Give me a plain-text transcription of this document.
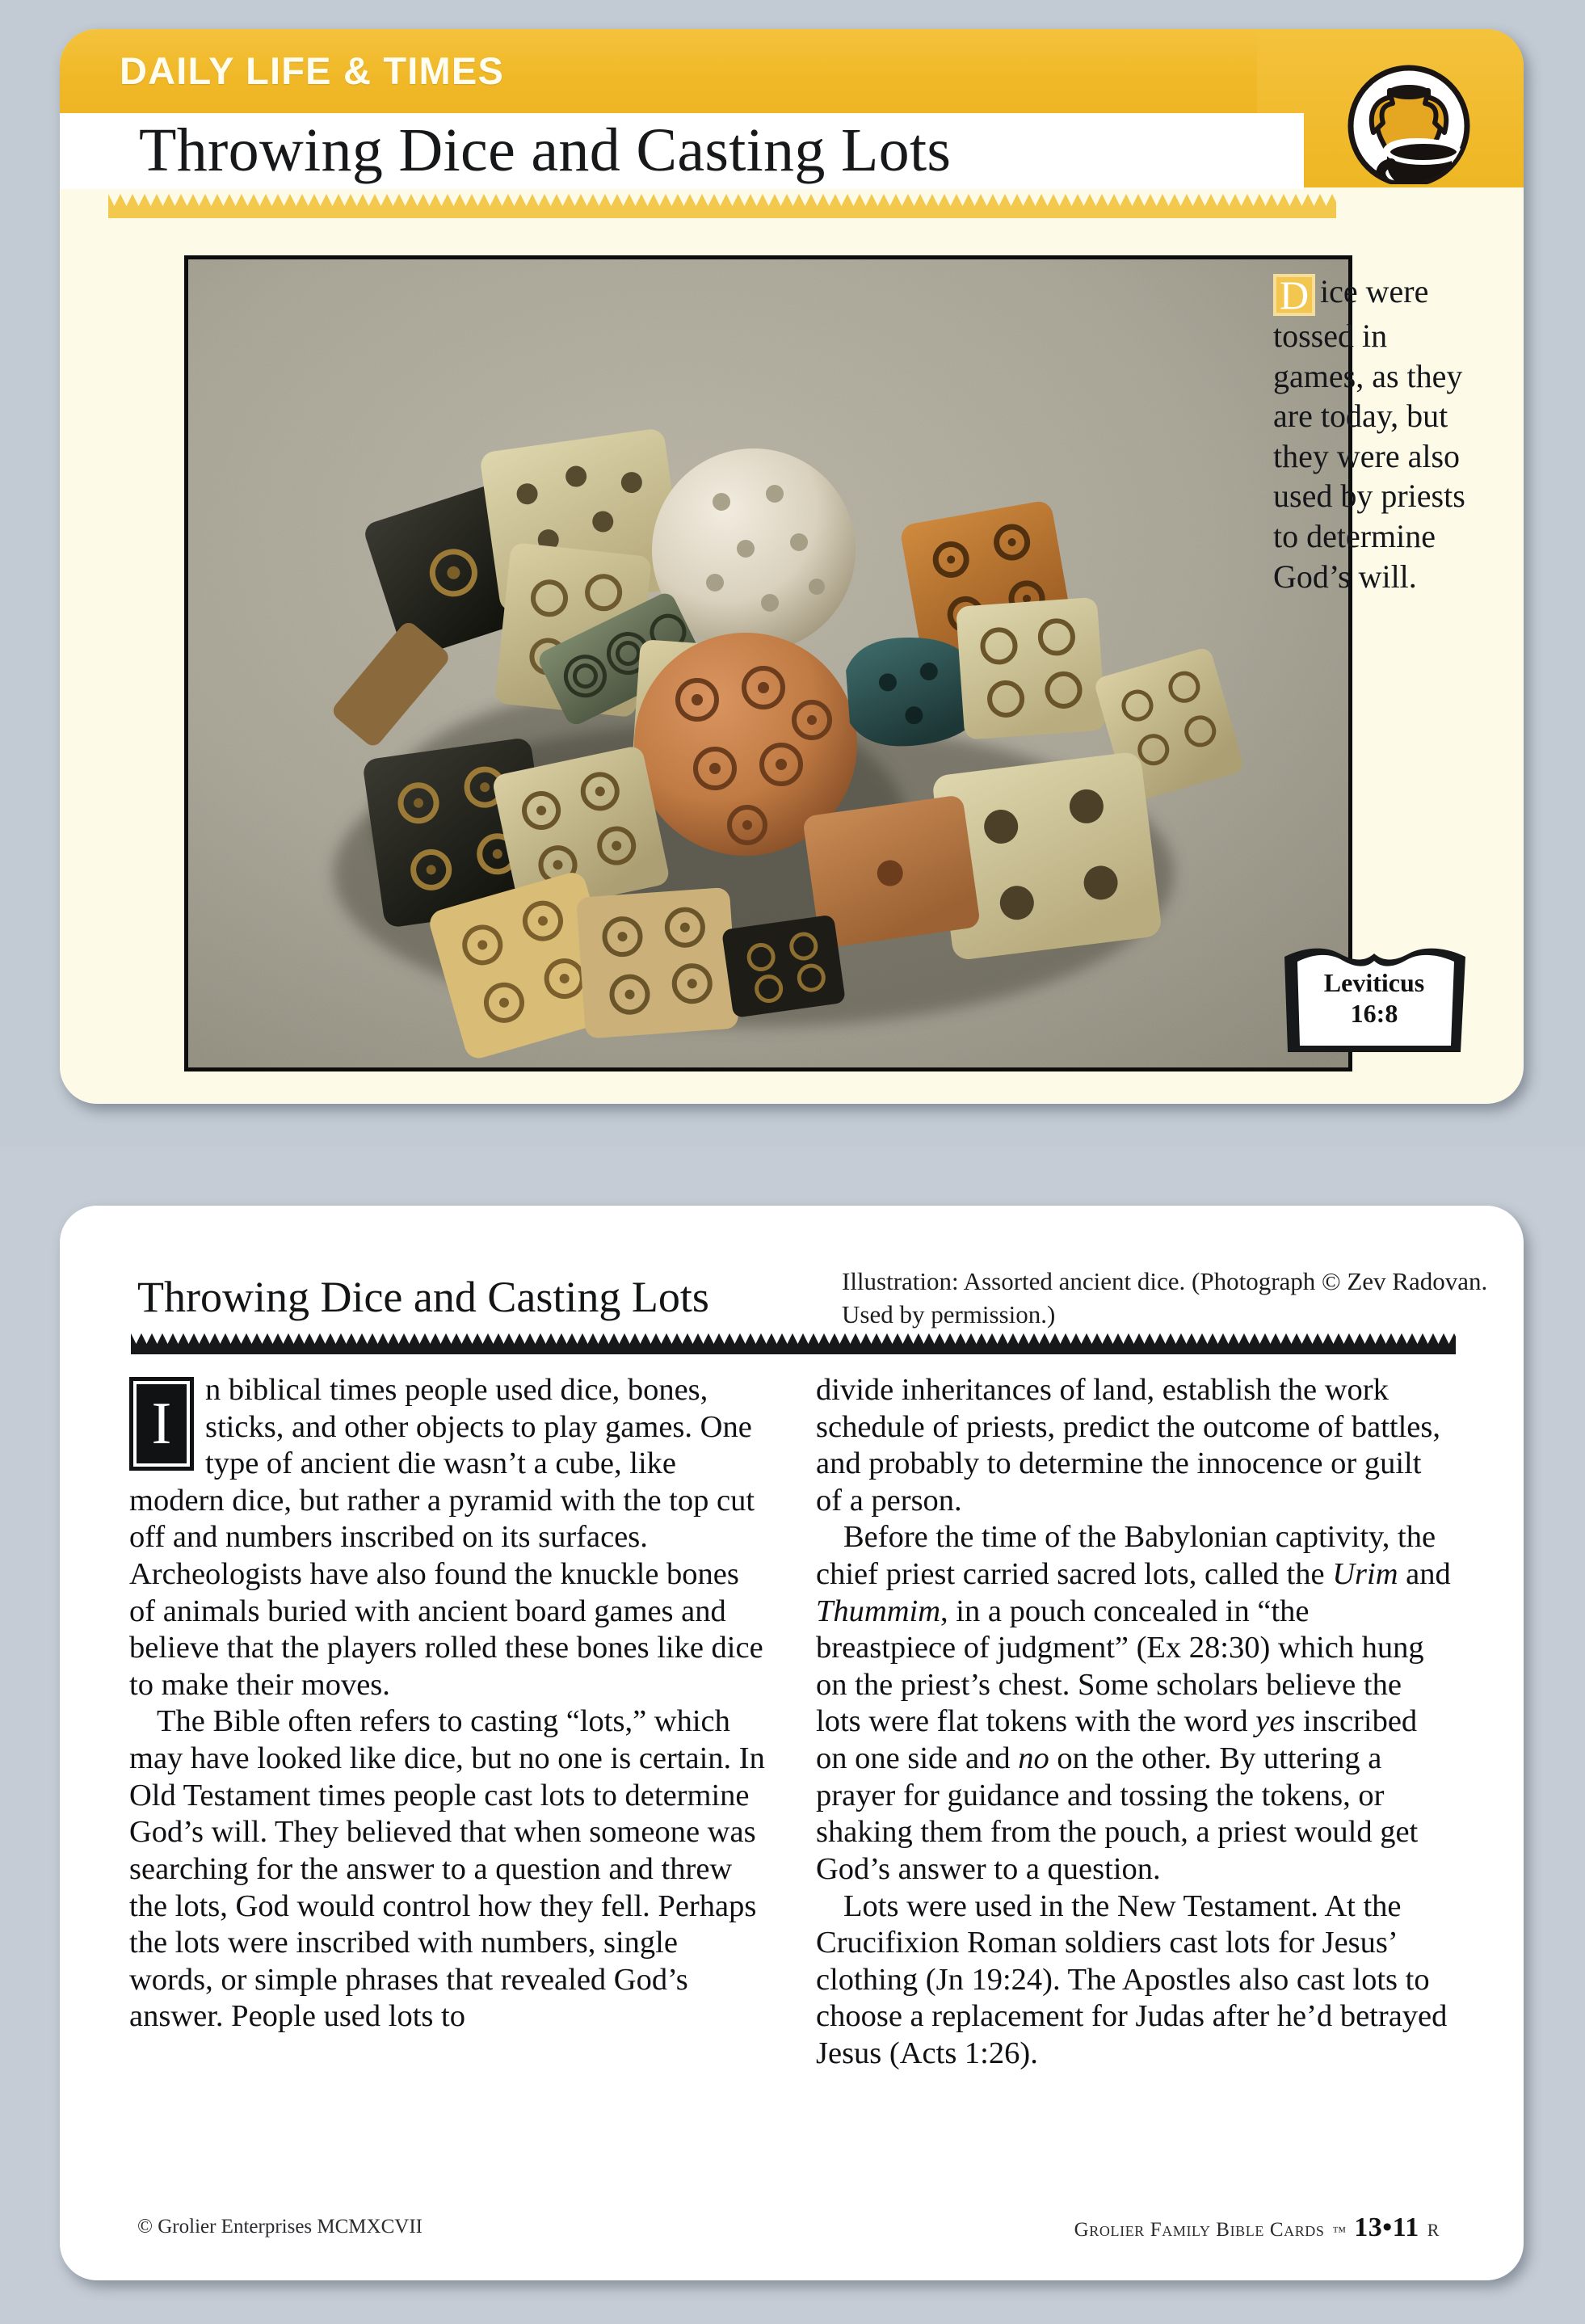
DAILY LIFE & TIMES
Throwing Dice and Casting Lots
D ice were tossed in games, as they are today, but they were also used by priests to determine God’s will.
Leviticus
16:8
Throwing Dice and Casting Lots	Illustration: Assorted ancient dice. (Photograph © Zev Radovan. Used by permission.)

I
n biblical times people used dice, bones, sticks, and other objects to play games. One type of ancient die wasn’t a cube, like modern dice, but rather a pyramid with the top cut off and numbers inscribed on its surfaces. Archeologists have also found the knuckle bones of animals buried with ancient board games and believe that the players rolled these bones like dice to make their moves.

The Bible often refers to casting “lots,” which may have looked like dice, but no one is certain. In Old Testament times people cast lots to determine God’s will. They believed that when someone was searching for the answer to a question and threw the lots, God would control how they fell. Perhaps the lots were inscribed with numbers, single words, or simple phrases that revealed God’s answer. People used lots to

divide inheritances of land, establish the work schedule of priests, predict the outcome of battles, and probably to determine the innocence or guilt of a person.

Before the time of the Babylonian captivity, the chief priest carried sacred lots, called the Urim and Thummim, in a pouch concealed in “the breastpiece of judgment” (Ex 28:30) which hung on the priest’s chest. Some scholars believe the lots were flat tokens with the word yes inscribed on one side and no on the other. By uttering a prayer for guidance and tossing the tokens, or shaking them from the pouch, a priest would get God’s answer to a question.

Lots were used in the New Testament. At the Crucifixion Roman soldiers cast lots for Jesus’ clothing (Jn 19:24). The Apostles also cast lots to choose a replacement for Judas after he’d betrayed Jesus (Acts 1:26).

© Grolier Enterprises MCMXCVII	Grolier Family Bible Cards ™ 13•11 R
